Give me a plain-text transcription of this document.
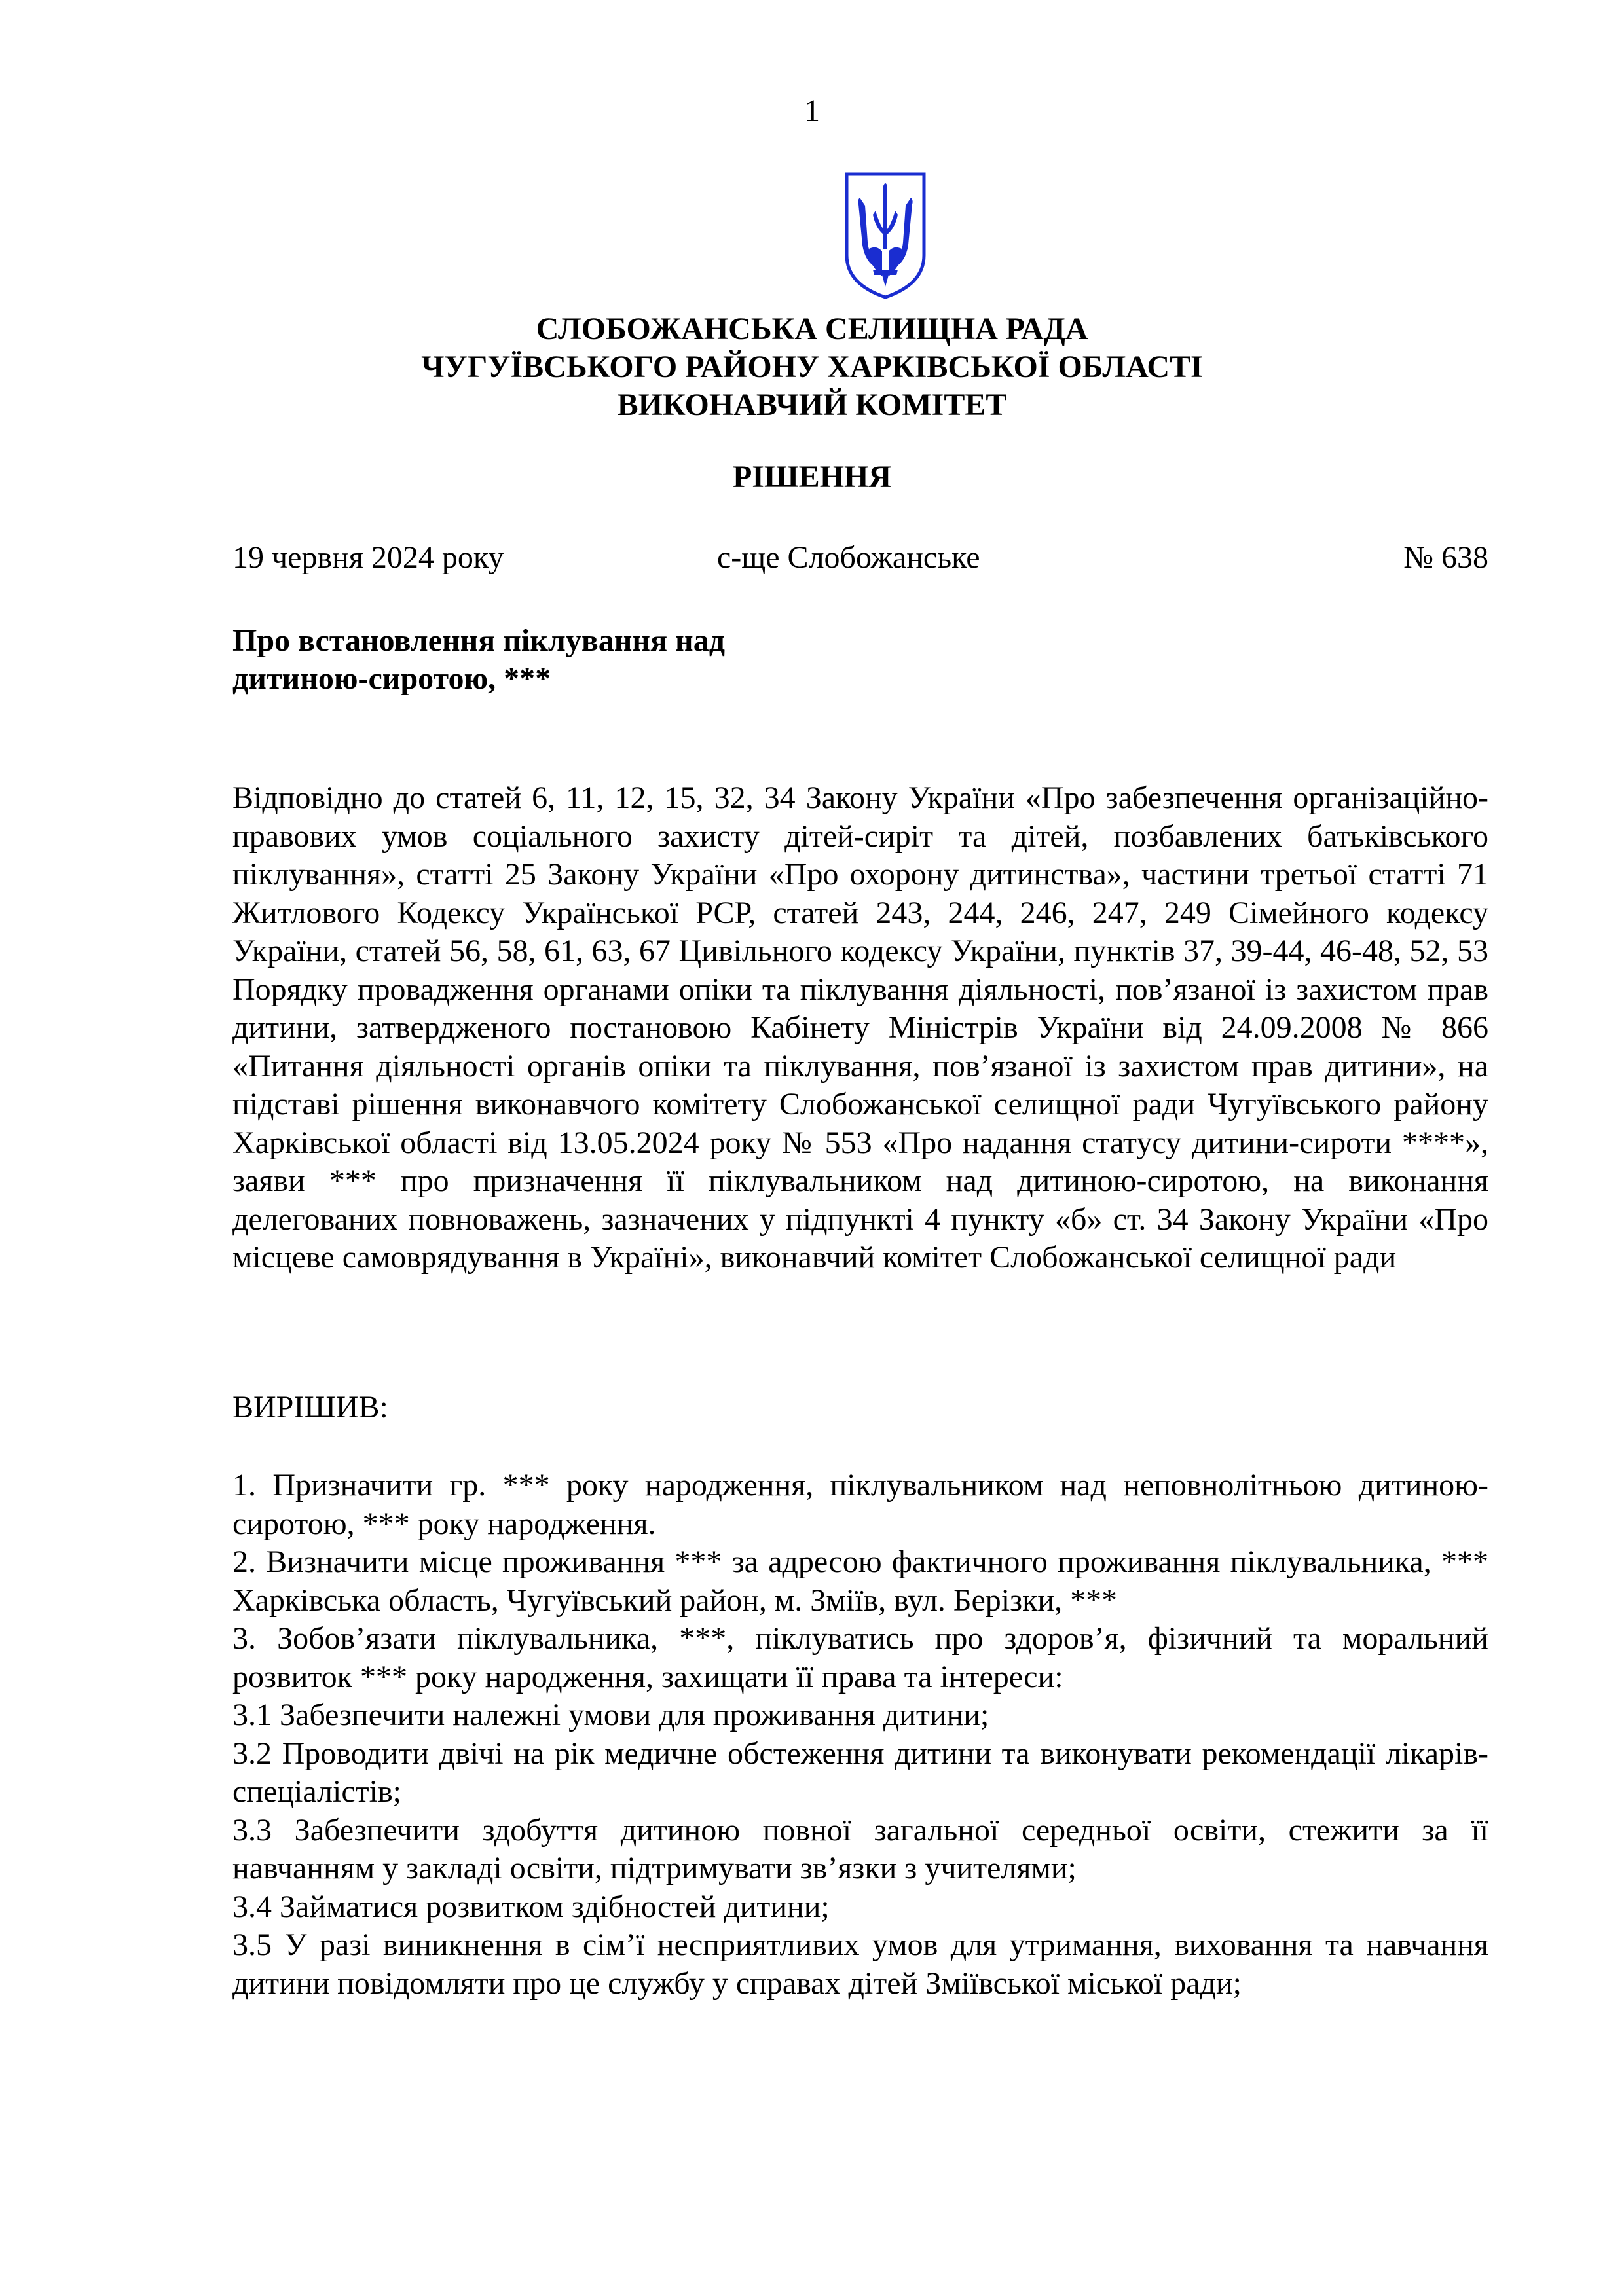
1
СЛОБОЖАНСЬКА СЕЛИЩНА РАДА
ЧУГУЇВСЬКОГО РАЙОНУ ХАРКІВСЬКОЇ ОБЛАСТІ
ВИКОНАВЧИЙ КОМІТЕТ
РІШЕННЯ
19 червня 2024 року	с-ще Слобожанське	№ 638
Про встановлення піклування над
дитиною-сиротою, ***
Відповідно до статей 6, 11, 12, 15, 32, 34 Закону України «Про забезпечення організаційно-правових умов соціального захисту дітей-сиріт та дітей, позбавлених батьківського піклування», статті 25 Закону України «Про охорону дитинства», частини третьої статті 71 Житлового Кодексу Української РСР, статей 243, 244, 246, 247, 249 Сімейного кодексу України, статей 56, 58, 61, 63, 67 Цивільного кодексу України, пунктів 37, 39-44, 46-48, 52, 53 Порядку провадження органами опіки та піклування діяльності, пов’язаної із захистом прав дитини, затвердженого постановою Кабінету Міністрів України від 24.09.2008 № 866 «Питання діяльності органів опіки та піклування, пов’язаної із захистом прав дитини», на підставі рішення виконавчого комітету Слобожанської селищної ради Чугуївського району Харківської області від 13.05.2024 року № 553 «Про надання статусу дитини-сироти ****», заяви *** про призначення її піклувальником над дитиною-сиротою, на виконання делегованих повноважень, зазначених у підпункті 4 пункту «б» ст. 34 Закону України «Про місцеве самоврядування в Україні», виконавчий комітет Слобожанської селищної ради
ВИРІШИВ:

1. Призначити гр. *** року народження, піклувальником над неповнолітньою дитиною-сиротою, *** року народження.

2. Визначити місце проживання *** за адресою фактичного проживання піклувальника, *** Харківська область, Чугуївський район, м. Зміїв, вул. Берізки, ***

3. Зобов’язати піклувальника, ***, піклуватись про здоров’я, фізичний та моральний розвиток *** року народження, захищати її права та інтереси:

3.1 Забезпечити належні умови для проживання дитини;

3.2 Проводити двічі на рік медичне обстеження дитини та виконувати рекомендації лікарів-спеціалістів;

3.3 Забезпечити здобуття дитиною повної загальної середньої освіти, стежити за її навчанням у закладі освіти, підтримувати зв’язки з учителями;

3.4 Займатися розвитком здібностей дитини;

3.5 У разі виникнення в сім’ї несприятливих умов для утримання, виховання та навчання дитини повідомляти про це службу у справах дітей Зміївської міської ради;
